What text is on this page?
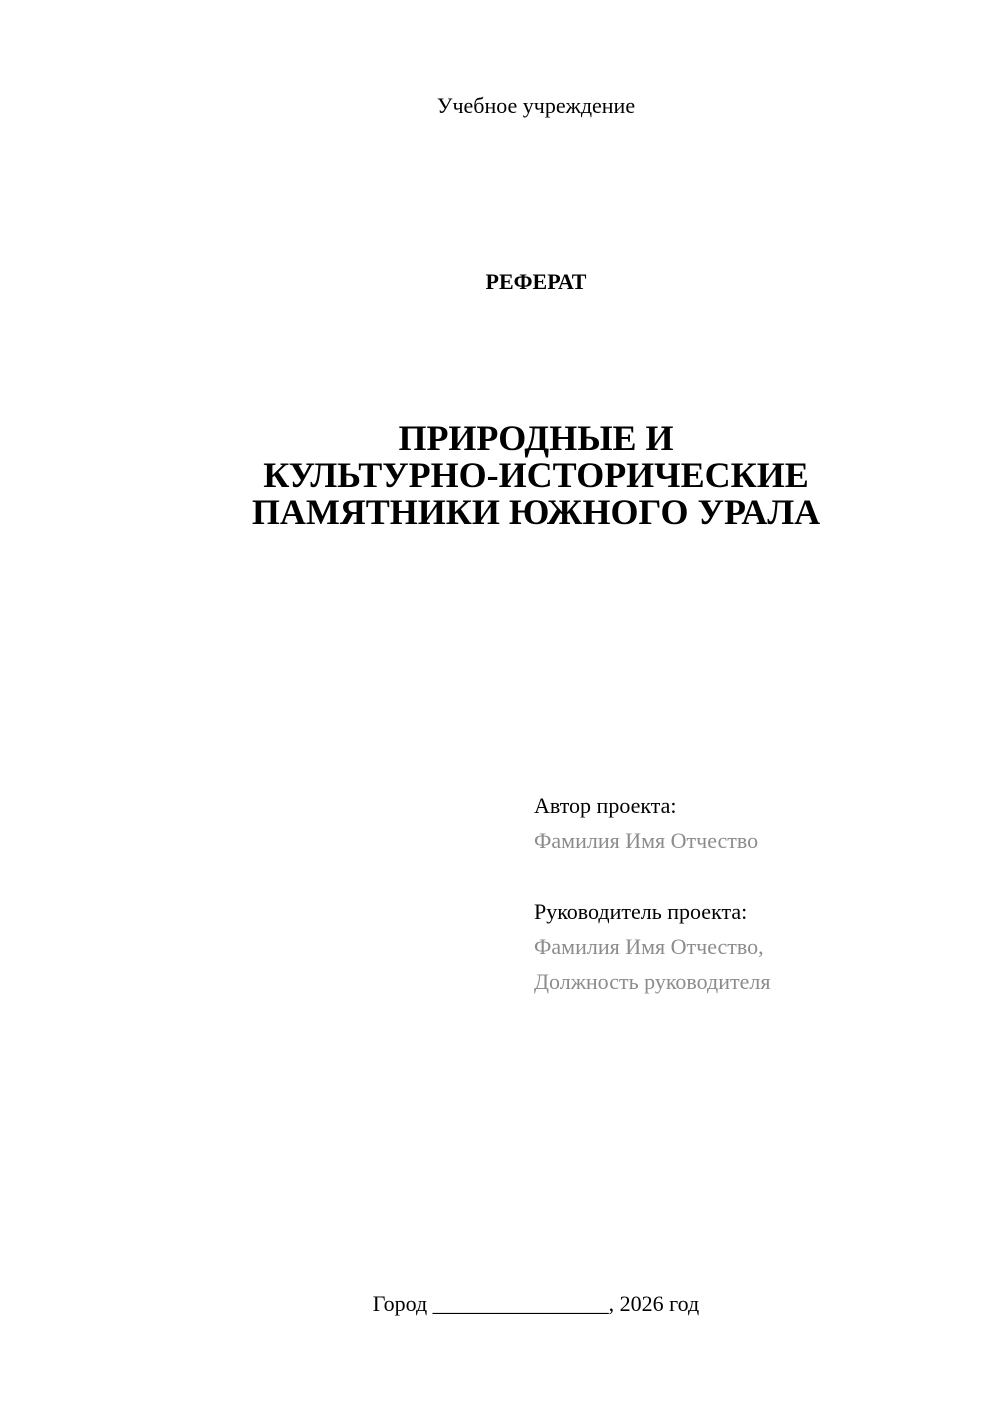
Учебное учреждение
РЕФЕРАТ
ПРИРОДНЫЕ И
КУЛЬТУРНО-ИСТОРИЧЕСКИЕ
ПАМЯТНИКИ ЮЖНОГО УРАЛА
Автор проекта:
Фамилия Имя Отчество
Руководитель проекта:
Фамилия Имя Отчество,
Должность руководителя
Город ________________, 2026 год
